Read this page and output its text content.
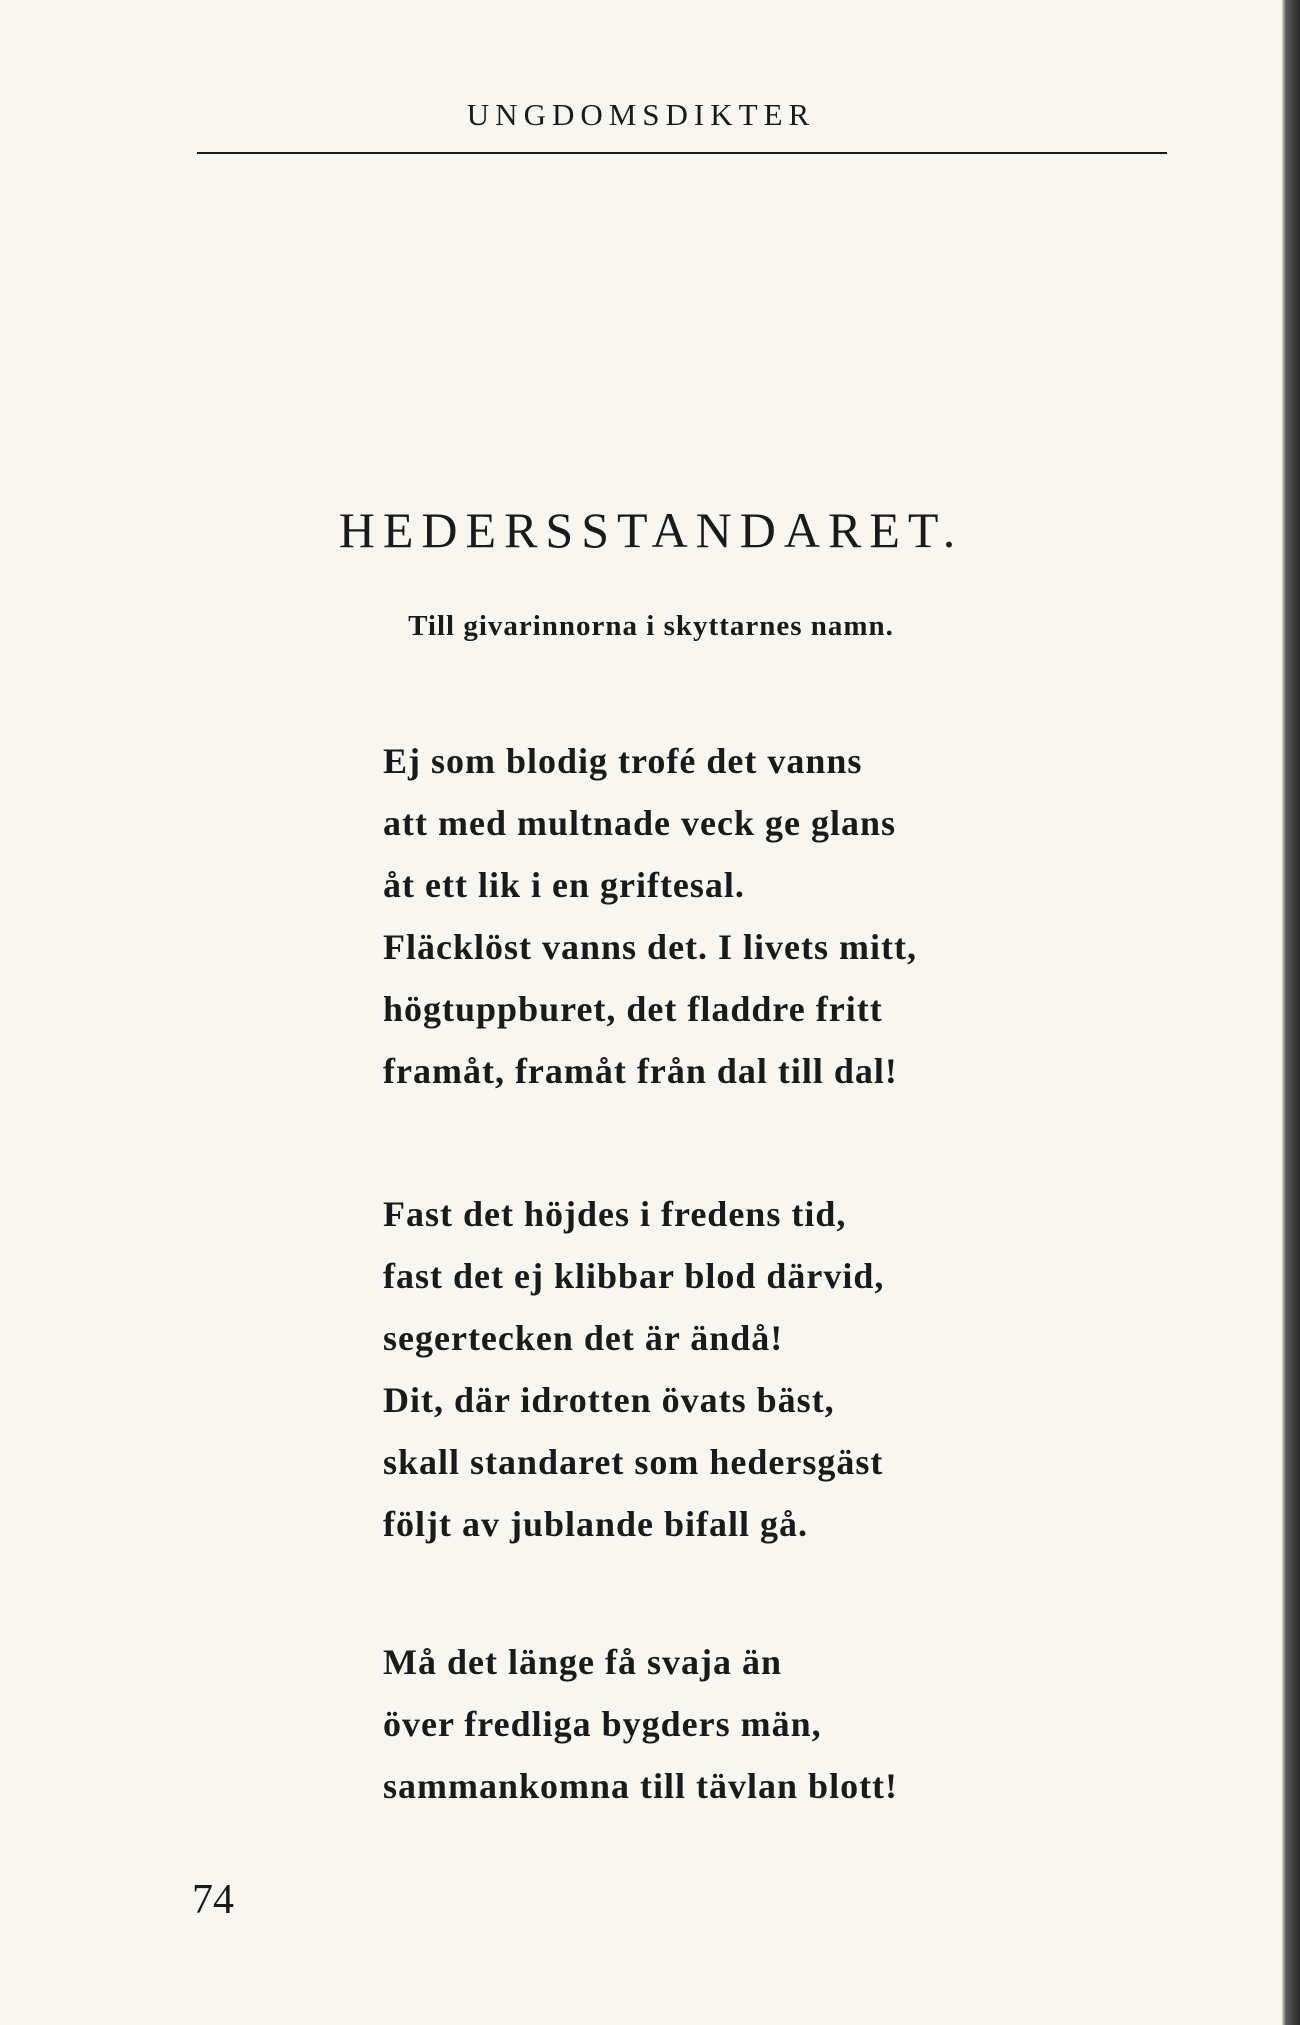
UNGDOMSDIKTER
HEDERSSTANDARET.
Till givarinnorna i skyttarnes namn.
Ej som blodig trofé det vanns
att med multnade veck ge glans
åt ett lik i en griftesal.
Fläcklöst vanns det. I livets mitt,
högtuppburet, det fladdre fritt
framåt, framåt från dal till dal!
Fast det höjdes i fredens tid,
fast det ej klibbar blod därvid,
segertecken det är ändå!
Dit, där idrotten övats bäst,
skall standaret som hedersgäst
följt av jublande bifall gå.
Må det länge få svaja än
över fredliga bygders män,
sammankomna till tävlan blott!
74
